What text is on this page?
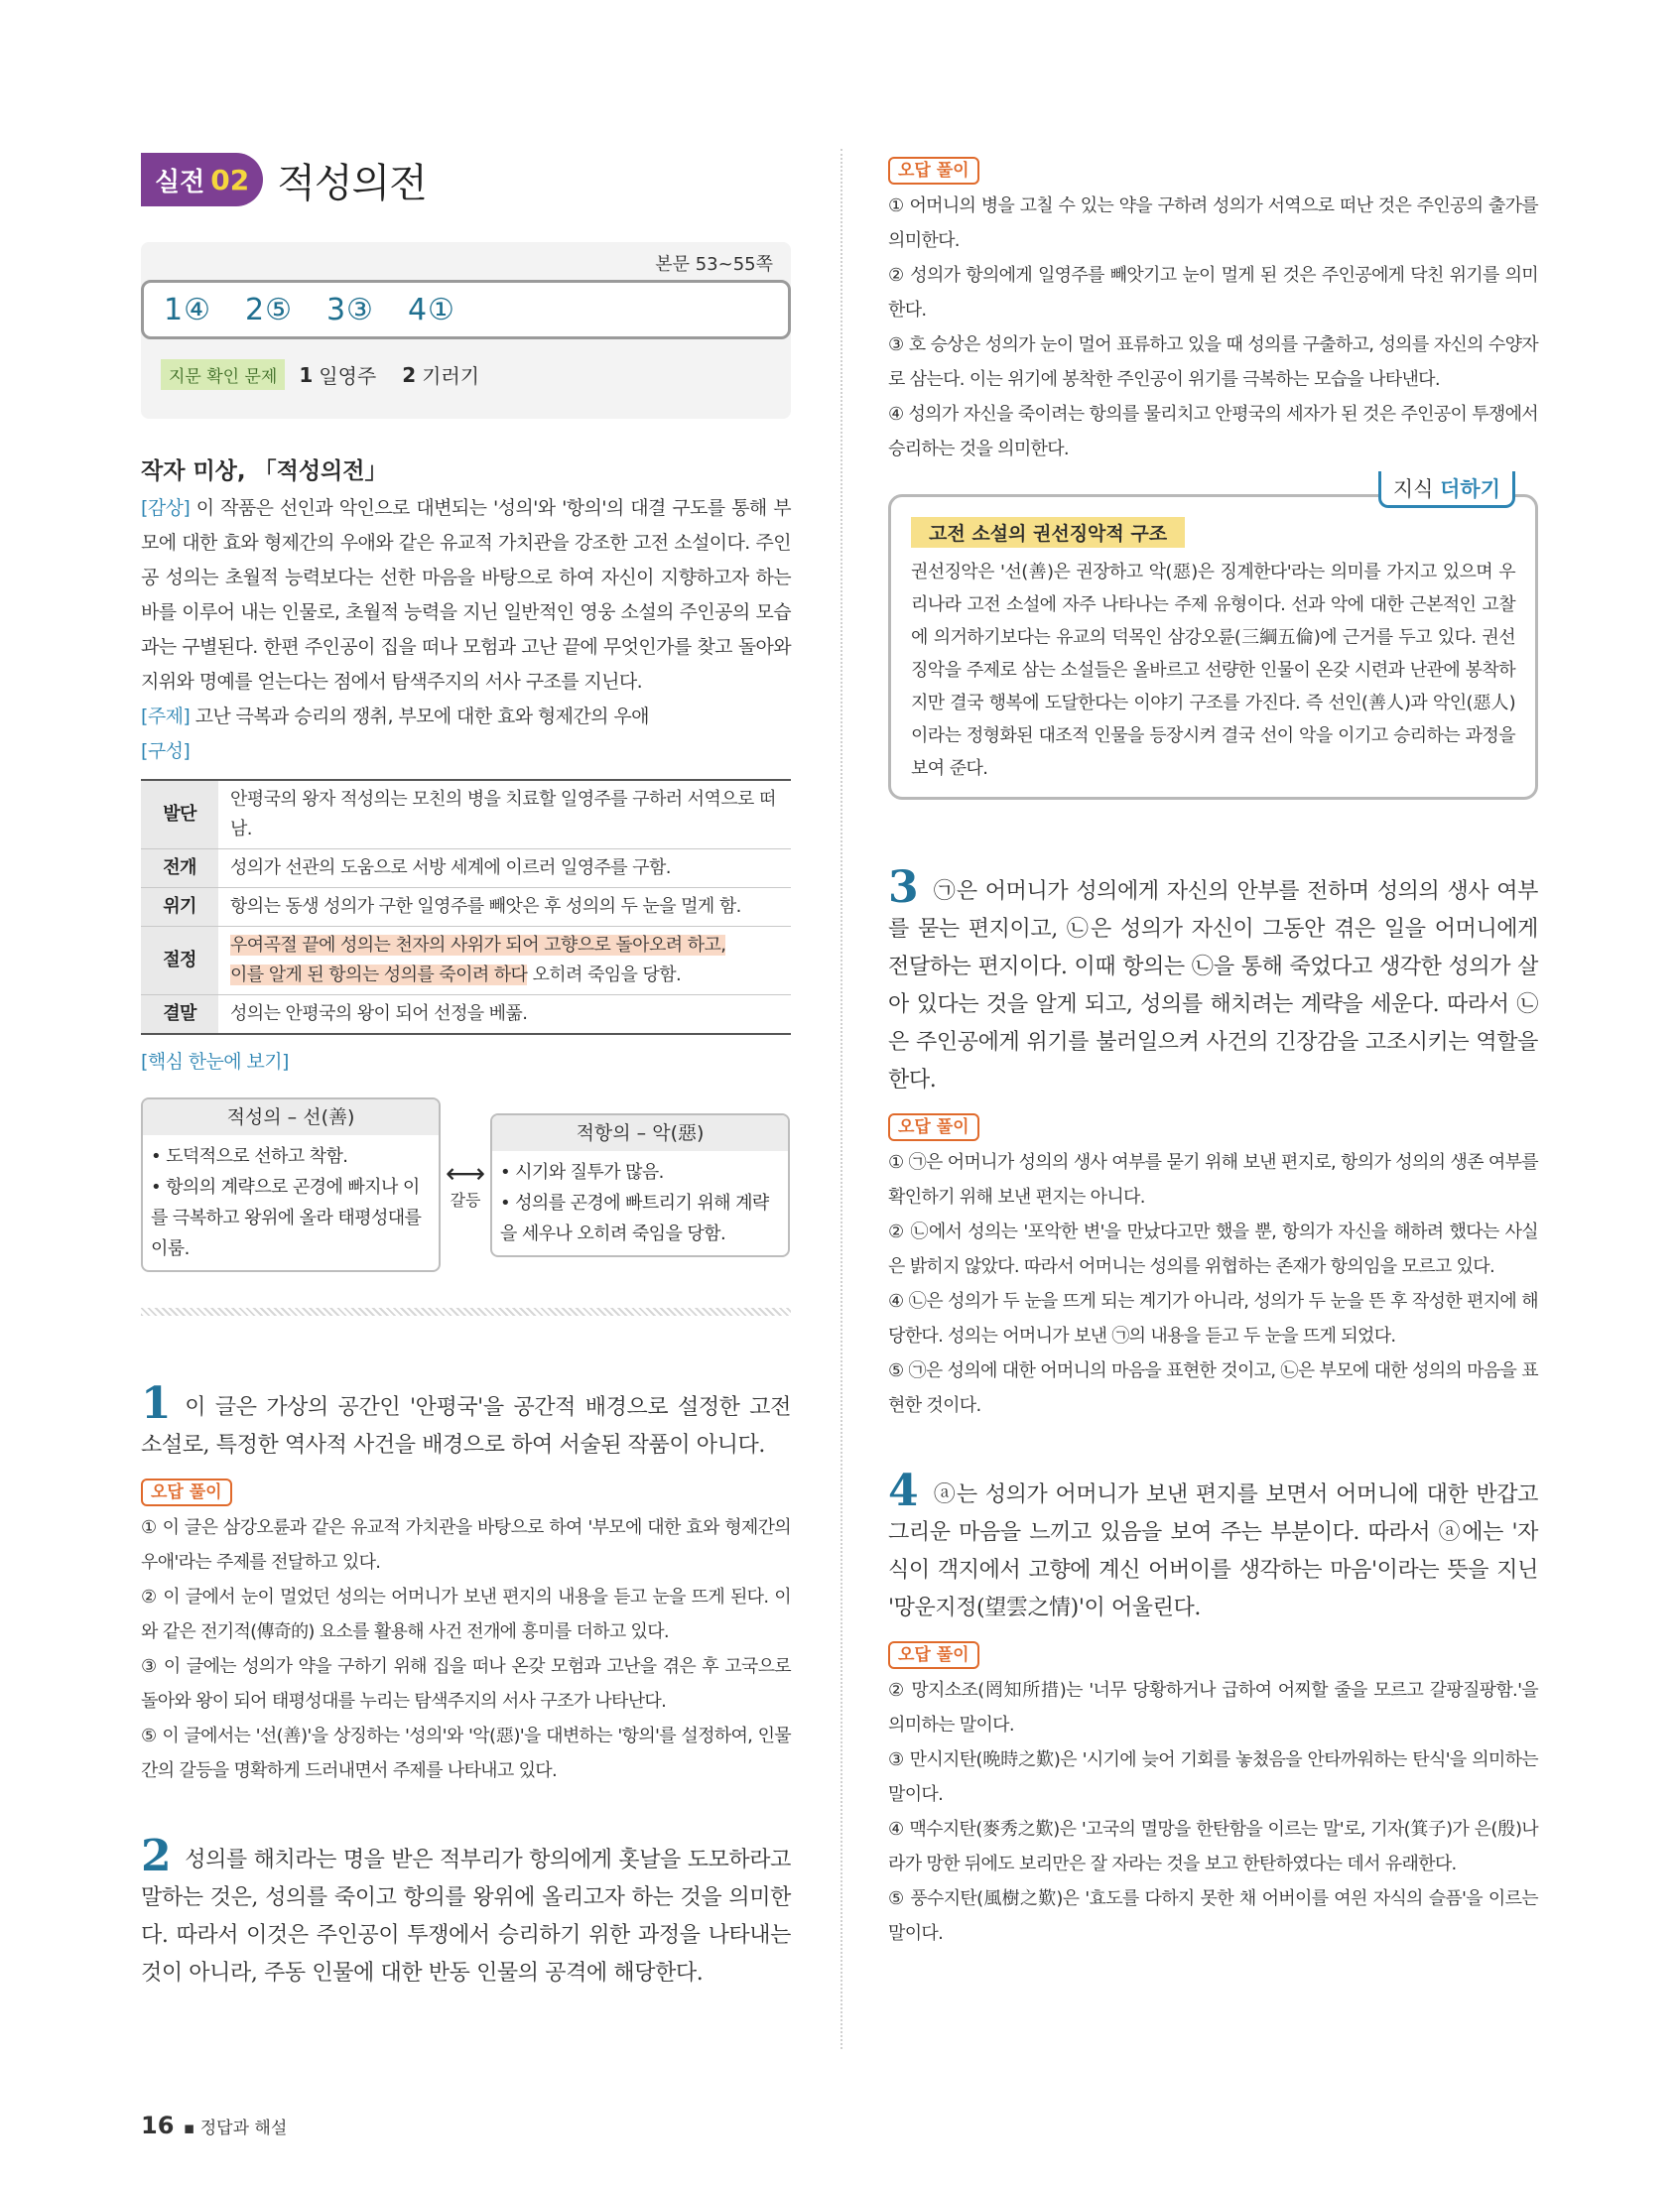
실전 02 적성의전
본문 53~55쪽
1④ 2⑤ 3③ 4①
지문 확인 문제	1 일영주 2 기러기
작자 미상, 「적성의전」

[감상] 이 작품은 선인과 악인으로 대변되는 '성의'와 '항의'의 대결 구도를 통해 부모에 대한 효와 형제간의 우애와 같은 유교적 가치관을 강조한 고전 소설이다. 주인공 성의는 초월적 능력보다는 선한 마음을 바탕으로 하여 자신이 지향하고자 하는 바를 이루어 내는 인물로, 초월적 능력을 지닌 일반적인 영웅 소설의 주인공의 모습과는 구별된다. 한편 주인공이 집을 떠나 모험과 고난 끝에 무엇인가를 찾고 돌아와 지위와 명예를 얻는다는 점에서 탐색주지의 서사 구조를 지닌다.

[주제] 고난 극복과 승리의 쟁취, 부모에 대한 효와 형제간의 우애

[구성]

발단	안평국의 왕자 적성의는 모친의 병을 치료할 일영주를 구하러 서역으로 떠남.
전개	성의가 선관의 도움으로 서방 세계에 이르러 일영주를 구함.
위기	항의는 동생 성의가 구한 일영주를 빼앗은 후 성의의 두 눈을 멀게 함.
절정	우여곡절 끝에 성의는 천자의 사위가 되어 고향으로 돌아오려 하고,
이를 알게 된 항의는 성의를 죽이려 하다 오히려 죽임을 당함.
결말	성의는 안평국의 왕이 되어 선정을 베풂.

[핵심 한눈에 보기]

적성의 – 선(善)
• 도덕적으로 선하고 착함.
• 항의의 계략으로 곤경에 빠지나 이를 극복하고 왕위에 올라 태평성대를 이룸.
⟷
갈등
적항의 – 악(惡)
• 시기와 질투가 많음.
• 성의를 곤경에 빠트리기 위해 계략을 세우나 오히려 죽임을 당함.

1 이 글은 가상의 공간인 '안평국'을 공간적 배경으로 설정한 고전 소설로, 특정한 역사적 사건을 배경으로 하여 서술된 작품이 아니다.

오답 풀이

① 이 글은 삼강오륜과 같은 유교적 가치관을 바탕으로 하여 '부모에 대한 효와 형제간의 우애'라는 주제를 전달하고 있다.

② 이 글에서 눈이 멀었던 성의는 어머니가 보낸 편지의 내용을 듣고 눈을 뜨게 된다. 이와 같은 전기적(傳奇的) 요소를 활용해 사건 전개에 흥미를 더하고 있다.

③ 이 글에는 성의가 약을 구하기 위해 집을 떠나 온갖 모험과 고난을 겪은 후 고국으로 돌아와 왕이 되어 태평성대를 누리는 탐색주지의 서사 구조가 나타난다.

⑤ 이 글에서는 '선(善)'을 상징하는 '성의'와 '악(惡)'을 대변하는 '항의'를 설정하여, 인물 간의 갈등을 명확하게 드러내면서 주제를 나타내고 있다.

2 성의를 해치라는 명을 받은 적부리가 항의에게 홋날을 도모하라고 말하는 것은, 성의를 죽이고 항의를 왕위에 올리고자 하는 것을 의미한다. 따라서 이것은 주인공이 투쟁에서 승리하기 위한 과정을 나타내는 것이 아니라, 주동 인물에 대한 반동 인물의 공격에 해당한다.

오답 풀이

① 어머니의 병을 고칠 수 있는 약을 구하려 성의가 서역으로 떠난 것은 주인공의 출가를 의미한다.

② 성의가 항의에게 일영주를 빼앗기고 눈이 멀게 된 것은 주인공에게 닥친 위기를 의미한다.

③ 호 승상은 성의가 눈이 멀어 표류하고 있을 때 성의를 구출하고, 성의를 자신의 수양자로 삼는다. 이는 위기에 봉착한 주인공이 위기를 극복하는 모습을 나타낸다.

④ 성의가 자신을 죽이려는 항의를 물리치고 안평국의 세자가 된 것은 주인공이 투쟁에서 승리하는 것을 의미한다.

지식 더하기
고전 소설의 권선징악적 구조

권선징악은 '선(善)은 권장하고 악(惡)은 징계한다'라는 의미를 가지고 있으며 우리나라 고전 소설에 자주 나타나는 주제 유형이다. 선과 악에 대한 근본적인 고찰에 의거하기보다는 유교의 덕목인 삼강오륜(三綱五倫)에 근거를 두고 있다. 권선징악을 주제로 삼는 소설들은 올바르고 선량한 인물이 온갖 시련과 난관에 봉착하지만 결국 행복에 도달한다는 이야기 구조를 가진다. 즉 선인(善人)과 악인(惡人)이라는 정형화된 대조적 인물을 등장시켜 결국 선이 악을 이기고 승리하는 과정을 보여 준다.

3 ㉠은 어머니가 성의에게 자신의 안부를 전하며 성의의 생사 여부를 묻는 편지이고, ㉡은 성의가 자신이 그동안 겪은 일을 어머니에게 전달하는 편지이다. 이때 항의는 ㉡을 통해 죽었다고 생각한 성의가 살아 있다는 것을 알게 되고, 성의를 해치려는 계략을 세운다. 따라서 ㉡은 주인공에게 위기를 불러일으켜 사건의 긴장감을 고조시키는 역할을 한다.

오답 풀이

① ㉠은 어머니가 성의의 생사 여부를 묻기 위해 보낸 편지로, 항의가 성의의 생존 여부를 확인하기 위해 보낸 편지는 아니다.

② ㉡에서 성의는 '포악한 변'을 만났다고만 했을 뿐, 항의가 자신을 해하려 했다는 사실은 밝히지 않았다. 따라서 어머니는 성의를 위협하는 존재가 항의임을 모르고 있다.

④ ㉡은 성의가 두 눈을 뜨게 되는 계기가 아니라, 성의가 두 눈을 뜬 후 작성한 편지에 해당한다. 성의는 어머니가 보낸 ㉠의 내용을 듣고 두 눈을 뜨게 되었다.

⑤ ㉠은 성의에 대한 어머니의 마음을 표현한 것이고, ㉡은 부모에 대한 성의의 마음을 표현한 것이다.

4 ⓐ는 성의가 어머니가 보낸 편지를 보면서 어머니에 대한 반갑고 그리운 마음을 느끼고 있음을 보여 주는 부분이다. 따라서 ⓐ에는 '자식이 객지에서 고향에 계신 어버이를 생각하는 마음'이라는 뜻을 지닌 '망운지정(望雲之情)'이 어울린다.

오답 풀이

② 망지소조(罔知所措)는 '너무 당황하거나 급하여 어찌할 줄을 모르고 갈팡질팡함.'을 의미하는 말이다.

③ 만시지탄(晩時之歎)은 '시기에 늦어 기회를 놓쳤음을 안타까워하는 탄식'을 의미하는 말이다.

④ 맥수지탄(麥秀之歎)은 '고국의 멸망을 한탄함을 이르는 말'로, 기자(箕子)가 은(殷)나라가 망한 뒤에도 보리만은 잘 자라는 것을 보고 한탄하였다는 데서 유래한다.

⑤ 풍수지탄(風樹之歎)은 '효도를 다하지 못한 채 어버이를 여읜 자식의 슬픔'을 이르는 말이다.

16 ▪ 정답과 해설
